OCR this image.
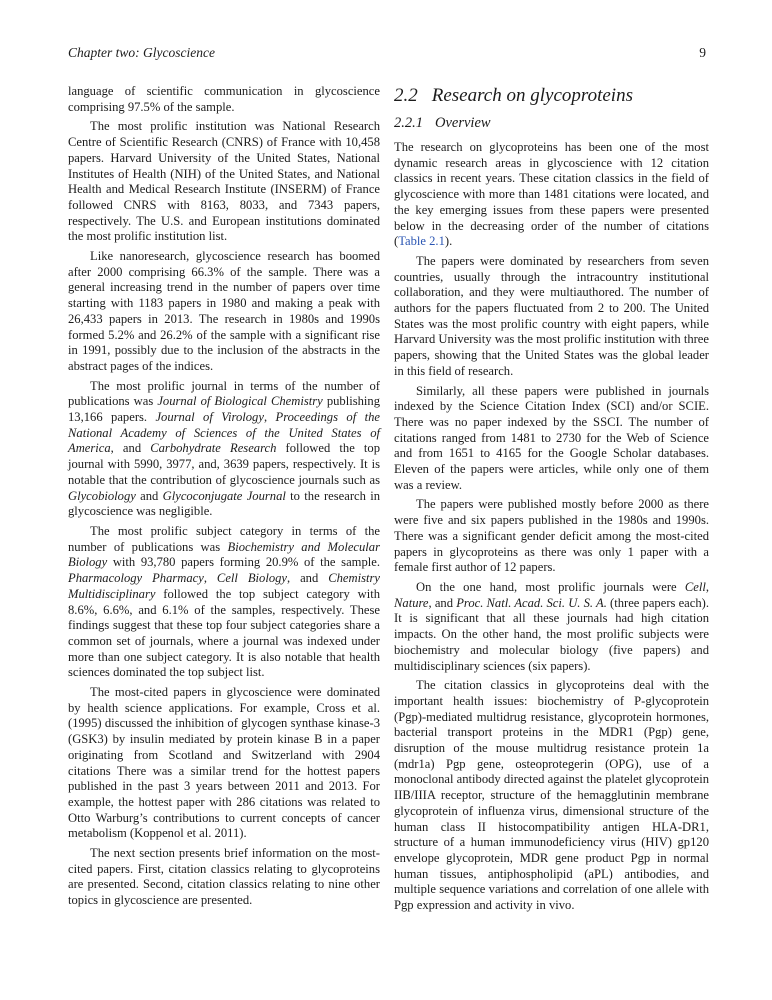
Chapter two: Glycoscience	9

language of scientific communication in glycoscience comprising 97.5% of the sample.

The most prolific institution was National Research Centre of Scientific Research (CNRS) of France with 10,458 papers. Harvard University of the United States, National Institutes of Health (NIH) of the United States, and National Health and Medical Research Institute (INSERM) of France followed CNRS with 8163, 8033, and 7343 papers, respectively. The U.S. and European institutions dominated the most prolific institution list.

Like nanoresearch, glycoscience research has boomed after 2000 comprising 66.3% of the sample. There was a general increasing trend in the number of papers over time starting with 1183 papers in 1980 and making a peak with 26,433 papers in 2013. The research in 1980s and 1990s formed 5.2% and 26.2% of the sample with a significant rise in 1991, possibly due to the inclusion of the abstracts in the abstract pages of the indices.

The most prolific journal in terms of the number of publications was Journal of Biological Chemistry publishing 13,166 papers. Journal of Virology, Proceedings of the National Academy of Sciences of the United States of America, and Carbohydrate Research followed the top journal with 5990, 3977, and, 3639 papers, respectively. It is notable that the contribution of glycoscience journals such as Glycobiology and Glycoconjugate Journal to the research in glycoscience was negligible.

The most prolific subject category in terms of the number of publications was Biochemistry and Molecular Biology with 93,780 papers forming 20.9% of the sample. Pharmacology Pharmacy, Cell Biology, and Chemistry Multidisciplinary followed the top subject category with 8.6%, 6.6%, and 6.1% of the samples, respectively. These findings suggest that these top four subject categories share a common set of journals, where a journal was indexed under more than one subject category. It is also notable that health sciences dominated the top subject list.

The most-cited papers in glycoscience were dominated by health science applications. For example, Cross et al. (1995) discussed the inhibition of glycogen synthase kinase-3 (GSK3) by insulin mediated by protein kinase B in a paper originating from Scotland and Switzerland with 2904 citations There was a similar trend for the hottest papers published in the past 3 years between 2011 and 2013. For example, the hottest paper with 286 citations was related to Otto Warburg’s contributions to current concepts of cancer metabolism (Koppenol et al. 2011).

The next section presents brief information on the most-cited papers. First, citation classics relating to glycoproteins are presented. Second, citation classics relating to nine other topics in glycoscience are presented.

2.2 Research on glycoproteins
2.2.1 Overview

The research on glycoproteins has been one of the most dynamic research areas in glycoscience with 12 citation classics in recent years. These citation classics in the field of glycoscience with more than 1481 citations were located, and the key emerging issues from these papers were presented below in the decreasing order of the number of citations (Table 2.1).

The papers were dominated by researchers from seven countries, usually through the intracountry institutional collaboration, and they were multiauthored. The number of authors for the papers fluctuated from 2 to 200. The United States was the most prolific country with eight papers, while Harvard University was the most prolific institution with three papers, showing that the United States was the global leader in this field of research.

Similarly, all these papers were published in journals indexed by the Science Citation Index (SCI) and/or SCIE. There was no paper indexed by the SSCI. The number of citations ranged from 1481 to 2730 for the Web of Science and from 1651 to 4165 for the Google Scholar databases. Eleven of the papers were articles, while only one of them was a review.

The papers were published mostly before 2000 as there were five and six papers published in the 1980s and 1990s. There was a significant gender deficit among the most-cited papers in glycoproteins as there was only 1 paper with a female first author of 12 papers.

On the one hand, most prolific journals were Cell, Nature, and Proc. Natl. Acad. Sci. U. S. A. (three papers each). It is significant that all these journals had high citation impacts. On the other hand, the most prolific subjects were biochemistry and molecular biology (five papers) and multidisciplinary sciences (six papers).

The citation classics in glycoproteins deal with the important health issues: biochemistry of P-glycoprotein (Pgp)-mediated multidrug resistance, glycoprotein hormones, bacterial transport proteins in the MDR1 (Pgp) gene, disruption of the mouse multidrug resistance protein 1a (mdr1a) Pgp gene, osteoprotegerin (OPG), use of a monoclonal antibody directed against the platelet glycoprotein IIB/IIIA receptor, structure of the hemagglutinin membrane glycoprotein of influenza virus, dimensional structure of the human class II histocompatibility antigen HLA-DR1, structure of a human immunodeficiency virus (HIV) gp120 envelope glycoprotein, MDR gene product Pgp in normal human tissues, antiphospholipid (aPL) antibodies, and multiple sequence variations and correlation of one allele with Pgp expression and activity in vivo.
